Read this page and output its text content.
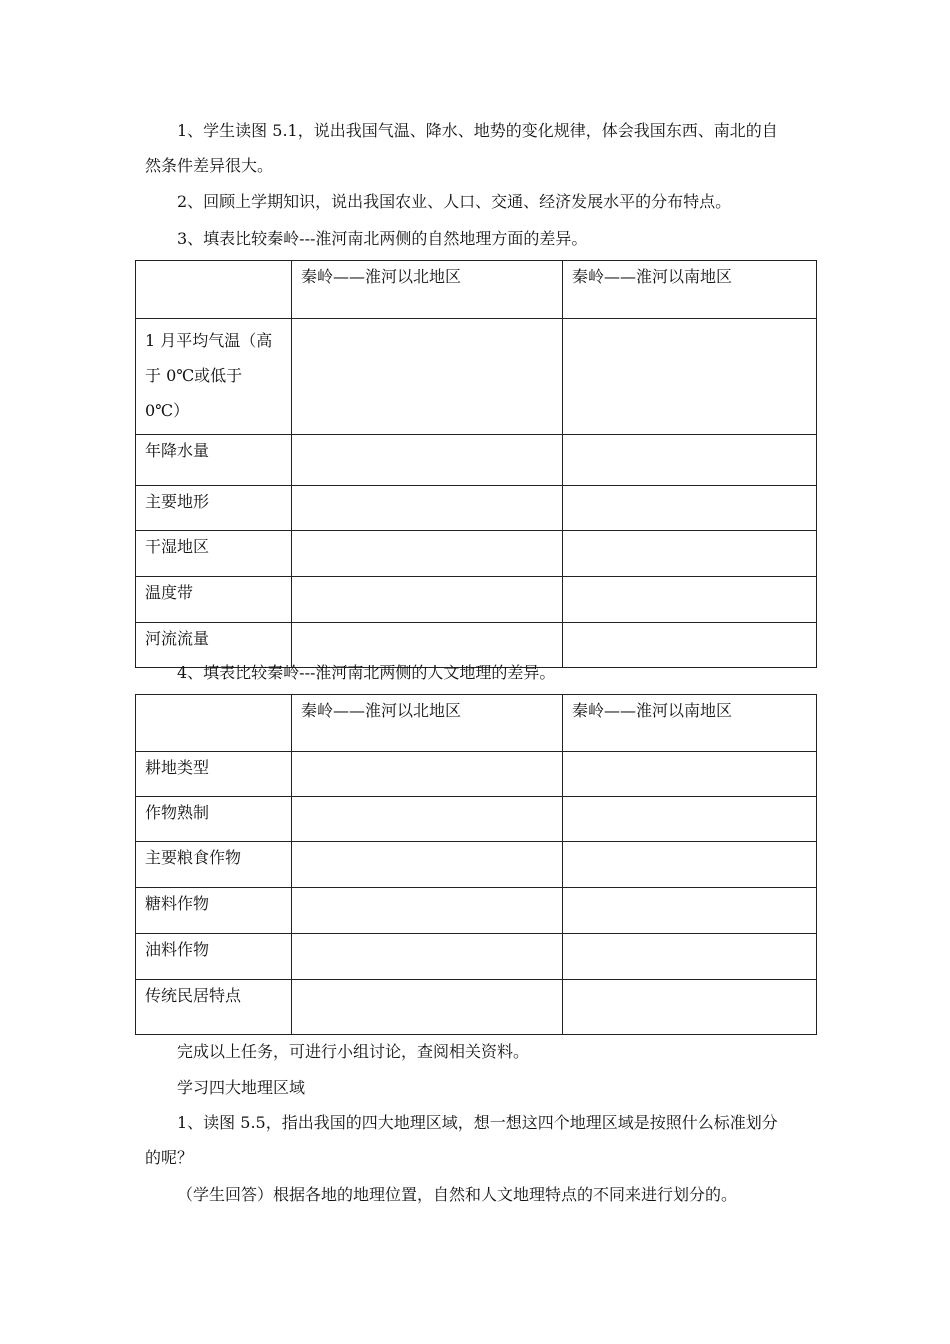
1、学生读图 5.1，说出我国气温、降水、地势的变化规律，体会我国东西、南北的自
然条件差异很大。
2、回顾上学期知识，说出我国农业、人口、交通、经济发展水平的分布特点。
3、填表比较秦岭---淮河南北两侧的自然地理方面的差异。
	秦岭——淮河以北地区	秦岭——淮河以南地区

1 月平均气温（高
于 0℃或低于
0℃）		

年降水量		
主要地形		
干湿地区		
温度带		
河流流量		
4、填表比较秦岭---淮河南北两侧的人文地理的差异。
	秦岭——淮河以北地区	秦岭——淮河以南地区
耕地类型		
作物熟制		
主要粮食作物		
糖料作物		
油料作物		
传统民居特点		
完成以上任务，可进行小组讨论，查阅相关资料。
学习四大地理区域
1、读图 5.5，指出我国的四大地理区域，想一想这四个地理区域是按照什么标准划分
的呢？
（学生回答）根据各地的地理位置，自然和人文地理特点的不同来进行划分的。
